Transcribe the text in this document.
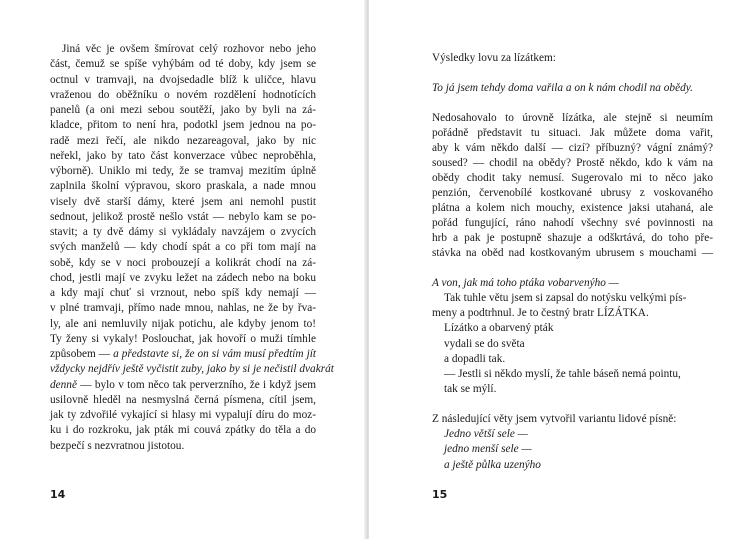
Jiná věc je ovšem šmírovat celý rozhovor nebo jeho
část, čemuž se spíše vyhýbám od té doby, kdy jsem se
octnul v tramvaji, na dvojsedadle blíž k uličce, hlavu
vraženou do oběžníku o novém rozdělení hodnotících
panelů (a oni mezi sebou soutěží, jako by byli na zá-
kladce, přitom to není hra, podotkl jsem jednou na po-
radě mezi řečí, ale nikdo nezareagoval, jako by nic
neřekl, jako by tato část konverzace vůbec neproběhla,
výborně). Uniklo mi tedy, že se tramvaj mezitím úplně
zaplnila školní výpravou, skoro praskala, a nade mnou
visely dvě starší dámy, které jsem ani nemohl pustit
sednout, jelikož prostě nešlo vstát — nebylo kam se po-
stavit; a ty dvě dámy si vykládaly navzájem o zvycích
svých manželů — kdy chodí spát a co při tom mají na
sobě, kdy se v noci probouzejí a kolikrát chodí na zá-
chod, jestli mají ve zvyku ležet na zádech nebo na boku
a kdy mají chuť si vrznout, nebo spíš kdy nemají —
v plné tramvaji, přímo nade mnou, nahlas, ne že by řva-
ly, ale ani nemluvily nijak potichu, ale kdyby jenom to!
Ty ženy si vykaly! Poslouchat, jak hovoří o muži tímhle
způsobem — a představte si, že on si vám musí předtím jít
vždycky nejdřív ještě vyčistit zuby, jako by si je nečistil dvakrát
denně — bylo v tom něco tak perverzního, že i když jsem
usilovně hleděl na nesmyslná černá písmena, cítil jsem,
jak ty zdvořilé vykající si hlasy mi vypalují díru do moz-
ku i do rozkroku, jak pták mi couvá zpátky do těla a do
bezpečí s nezvratnou jistotou.
14
Výsledky lovu za lízátkem:
To já jsem tehdy doma vařila a on k nám chodil na obědy.
Nedosahovalo to úrovně lízátka, ale stejně si neumím
pořádně představit tu situaci. Jak můžete doma vařit,
aby k vám někdo další — cizí? příbuzný? vágní známý?
soused? — chodil na obědy? Prostě někdo, kdo k vám na
obědy chodit taky nemusí. Sugerovalo mi to něco jako
penzión, červenobílé kostkované ubrusy z voskovaného
plátna a kolem nich mouchy, existence jaksi utahaná, ale
pořád fungující, ráno nahodí všechny své povinnosti na
hrb a pak je postupně shazuje a odškrtává, do toho pře-
stávka na oběd nad kostkovaným ubrusem s mouchami —
A von, jak má toho ptáka vobarvenýho —
Tak tuhle větu jsem si zapsal do notýsku velkými pís-
meny a podtrhnul. Je to čestný bratr LÍZÁTKA.
Lízátko a obarvený pták
vydali se do světa
a dopadli tak.
— Jestli si někdo myslí, že tahle báseň nemá pointu,
tak se mýlí.
Z následující věty jsem vytvořil variantu lidové písně:
Jedno větší sele —
jedno menší sele —
a ještě půlka uzenýho
15
